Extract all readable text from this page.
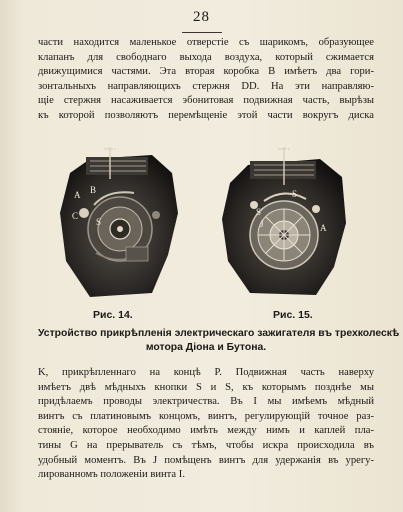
28

части находится маленькое отверстіе съ шарикомъ, образующее
клапанъ для свободнаго выхода воздуха, который сжимается
движущимися частями. Эта вторая коробка B имѣетъ два гори-
зонтальныхъ направляющихъ стержня DD. На эти направляю-
щіе стержня насаживается эбонитовая подвижная часть, вырѣзы
къ которой позволяютъ перемѣщеніе этой части вокругъ диска

R
A B
C
S
R
S
S'
J	A
Рис. 14.	Рис. 15.
Устройство прикрѣпленія электрическаго зажигателя въ трехколескѣ
мотора Діона и Бутона.

K, прикрѣпленнаго на концѣ P. Подвижная часть наверху
имѣетъ двѣ мѣдныхъ кнопки S и S, къ которымъ позднѣе мы
придѣлаемъ проводы электричества. Въ I мы имѣемъ мѣдный
винтъ съ платиновымъ концомъ, винтъ, регулирующій точное раз-
стояніе, которое необходимо имѣть между нимъ и каплей пла-
тины G на прерыватель съ тѣмъ, чтобы искра происходила въ
удобный моментъ. Въ J помѣщенъ винтъ для удержанія въ урегу-
лированномъ положеніи винта I.
